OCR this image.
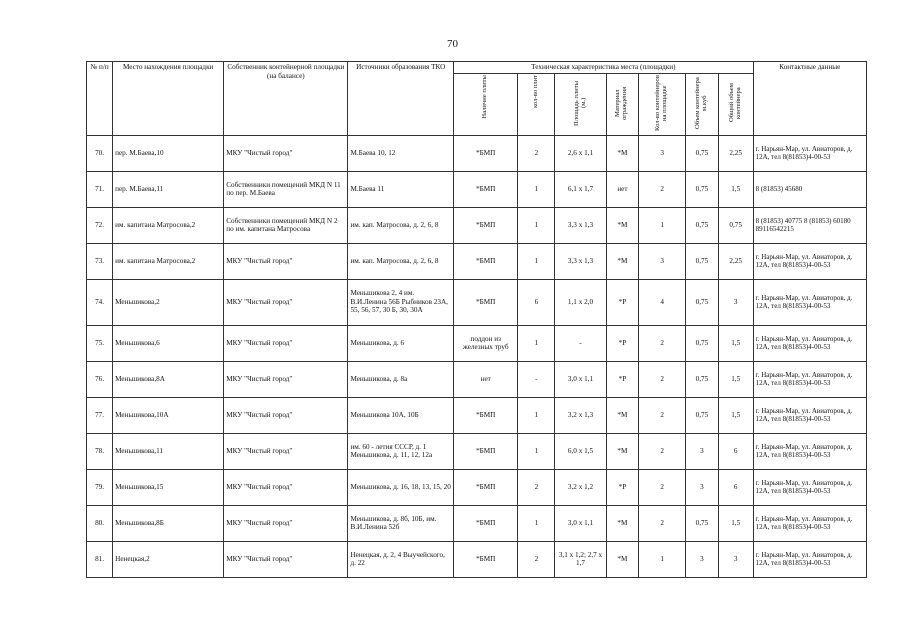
70
№ п/п	Место нахождения площадки	Собственник контейнерной площадки (на балансе)	Источники образования ТКО	Техническая характеристика места (площадки)							Контактные данные
				Наличие плиты	кол-во плит	Площадь плиты (м.)	Материал ограждения	Кол-во контейнеров на площадке	Объем контейнера м.куб	Общий объем контейнера	
70.	пер. М.Баева,10	МКУ "Чистый город"	М.Баева 10, 12	*БМП	2	2,6 х 1,1	*М	3	0,75	2,25	г. Нарьян-Мар, ул. Авиаторов, д. 12А, тел 8(81853)4-00-53
71.	пер. М.Баева,11	Собственники помещений МКД N 11 по пер. М.Баева	М.Баева 11	*БМП	1	6,1 х 1,7	нет	2	0,75	1,5	8 (81853) 45680
72.	им. капитана Матросова,2	Собственники помещений МКД N 2 по им. капитана Матросова	им. кап. Матросова, д. 2, 6, 8	*БМП	1	3,3 х 1,3	*М	1	0,75	0,75	8 (81853) 40775 8 (81853) 60180 89116542215
73.	им. капитана Матросова,2	МКУ "Чистый город"	им. кап. Матросова, д. 2, 6, 8	*БМП	1	3,3 х 1,3	*М	3	0,75	2,25	г. Нарьян-Мар, ул. Авиаторов, д. 12А, тел 8(81853)4-00-53
74.	Меньшикова,2	МКУ "Чистый город"	Меньшикова 2, 4 им. В.И.Ленина 56Б Рыбников 23А, 55, 56, 57, 30 Б, 30, 30А	*БМП	6	1,1 х 2,0	*Р	4	0,75	3	г. Нарьян-Мар, ул. Авиаторов, д. 12А, тел 8(81853)4-00-53
75.	Меньшикова,6	МКУ "Чистый город"	Меньшикова, д. 6	поддон из железных труб	1	-	*Р	2	0,75	1,5	г. Нарьян-Мар, ул. Авиаторов, д. 12А, тел 8(81853)4-00-53
76.	Меньшикова,8А	МКУ "Чистый город"	Меньшикова, д. 8а	нет	-	3,0 х 1,1	*Р	2	0,75	1,5	г. Нарьян-Мар, ул. Авиаторов, д. 12А, тел 8(81853)4-00-53
77.	Меньшикова,10А	МКУ "Чистый город"	Меньшикова 10А, 10Б	*БМП	1	3,2 х 1,3	*М	2	0,75	1,5	г. Нарьян-Мар, ул. Авиаторов, д. 12А, тел 8(81853)4-00-53
78.	Меньшикова,11	МКУ "Чистый город"	им. 60 - летия СССР, д. 1 Меньшикова, д. 11, 12, 12а	*БМП	1	6,0 х 1,5	*М	2	3	6	г. Нарьян-Мар, ул. Авиаторов, д. 12А, тел 8(81853)4-00-53
79.	Меньшикова,15	МКУ "Чистый город"	Меньшикова, д. 16, 18, 13, 15, 20	*БМП	2	3,2 х 1,2	*Р	2	3	6	г. Нарьян-Мар, ул. Авиаторов, д. 12А, тел 8(81853)4-00-53
80.	Меньшикова,8Б	МКУ "Чистый город"	Меньшикова, д. 8б, 10Б, им. В.И.Ленина 52б	*БМП	1	3,0 х 1,1	*М	2	0,75	1,5	г. Нарьян-Мар, ул. Авиаторов, д. 12А, тел 8(81853)4-00-53
81.	Ненецкая,2	МКУ "Чистый город"	Ненецкая, д. 2, 4 Выучейского, д. 22	*БМП	2	3,1 х 1,2; 2,7 х 1,7	*М	1	3	3	г. Нарьян-Мар, ул. Авиаторов, д. 12А, тел 8(81853)4-00-53
